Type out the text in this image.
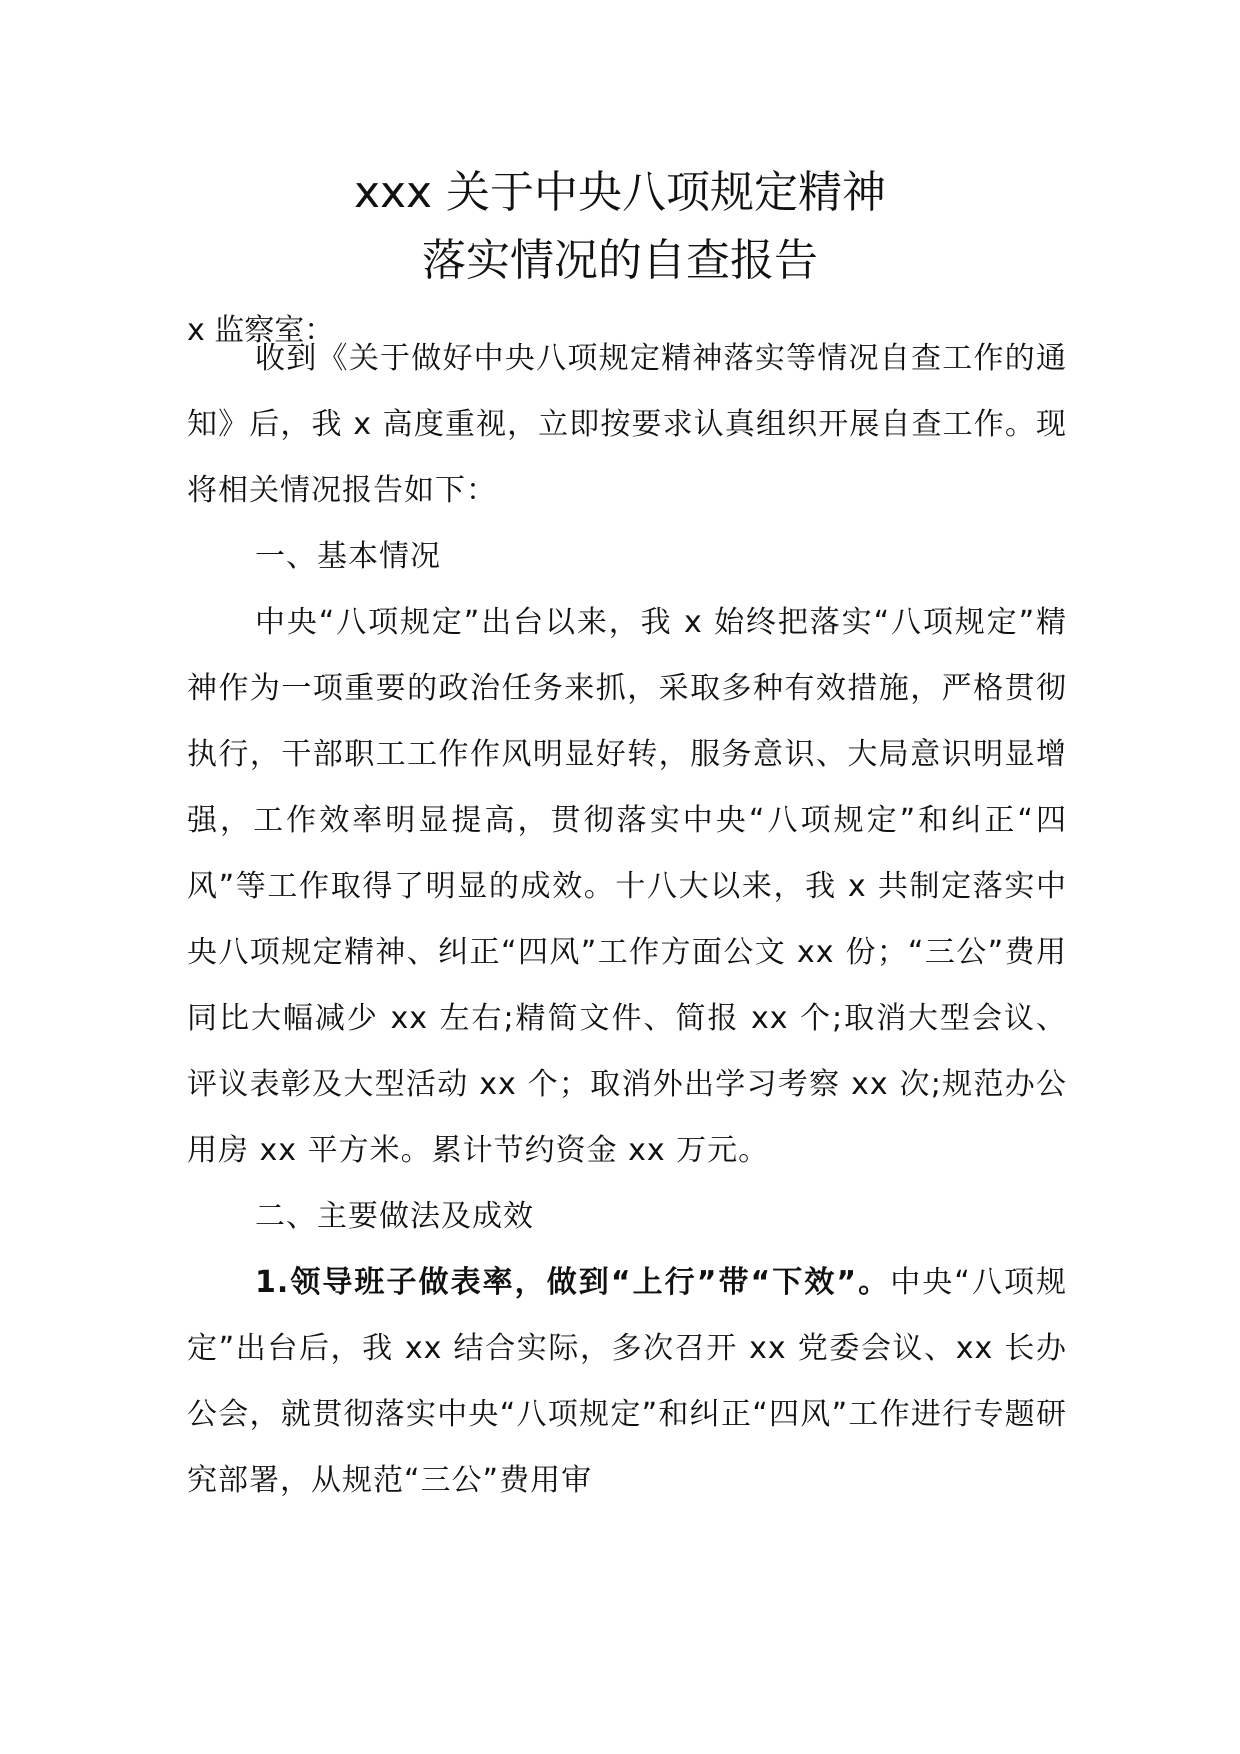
xxx 关于中央八项规定精神
落实情况的自查报告
x 监察室：

收到《关于做好中央八项规定精神落实等情况自查工作的通知》后，我 x 高度重视，立即按要求认真组织开展自查工作。现将相关情况报告如下：

一、基本情况

中央“八项规定”出台以来，我 x 始终把落实“八项规定”精神作为一项重要的政治任务来抓，采取多种有效措施，严格贯彻执行，干部职工工作作风明显好转，服务意识、大局意识明显增强，工作效率明显提高，贯彻落实中央“八项规定”和纠正“四风”等工作取得了明显的成效。十八大以来，我 x 共制定落实中央八项规定精神、纠正“四风”工作方面公文 xx 份；“三公”费用同比大幅减少 xx 左右;精简文件、简报 xx 个;取消大型会议、评议表彰及大型活动 xx 个；取消外出学习考察 xx 次;规范办公用房 xx 平方米。累计节约资金 xx 万元。

二、主要做法及成效

1.领导班子做表率，做到“上行”带“下效”。中央“八项规定”出台后，我 xx 结合实际，多次召开 xx 党委会议、xx 长办公会，就贯彻落实中央“八项规定”和纠正“四风”工作进行专题研究部署，从规范“三公”费用审
